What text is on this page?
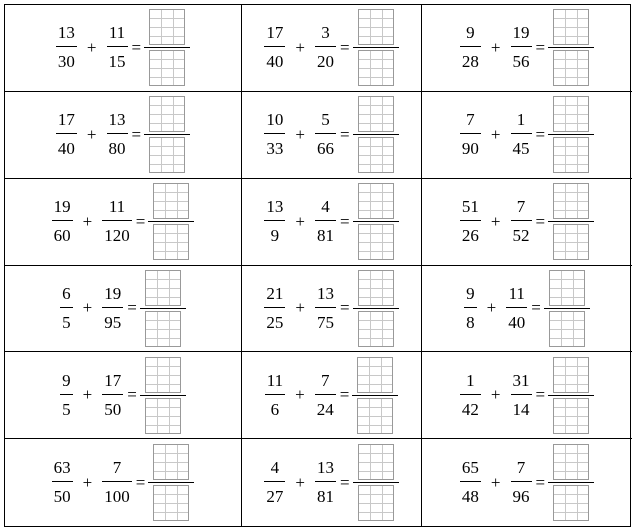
$\frac{13}{30} + \frac{11}{15}$ =	$\frac{17}{40} + \frac{3}{20}$ =	$\frac{9}{28} + \frac{19}{56}$ =
$\frac{17}{40} + \frac{13}{80}$ =	$\frac{10}{33} + \frac{5}{66}$ =	$\frac{7}{90} + \frac{1}{45}$ =
$\frac{19}{60} + \frac{11}{120}$ =	$\frac{13}{9} + \frac{4}{81}$ =	$\frac{51}{26} + \frac{7}{52}$ =
$\frac{6}{5} + \frac{19}{95}$ =	$\frac{21}{25} + \frac{13}{75}$ =	$\frac{9}{8} + \frac{11}{40}$ =
$\frac{9}{5} + \frac{17}{50}$ =	$\frac{11}{6} + \frac{7}{24}$ =	$\frac{1}{42} + \frac{31}{14}$ =
$\frac{63}{50} + \frac{7}{100}$ =	$\frac{4}{27} + \frac{13}{81}$ =	$\frac{65}{48} + \frac{7}{96}$ =
